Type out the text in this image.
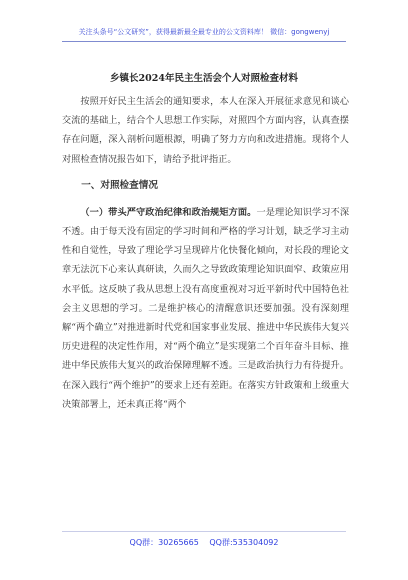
关注头条号“公文研究”，获得最新最全最专业的公文资料库！ 微信：gongwenyj
乡镇长2024年民主生活会个人对照检查材料

按照开好民主生活会的通知要求，本人在深入开展征求意见和谈心交流的基础上，结合个人思想工作实际，对照四个方面内容，认真查摆存在问题，深入剖析问题根源，明确了努力方向和改进措施。现将个人对照检查情况报告如下，请给予批评指正。

一、对照检查情况

（一）带头严守政治纪律和政治规矩方面。一是理论知识学习不深不透。由于每天没有固定的学习时间和严格的学习计划，缺乏学习主动性和自觉性，导致了理论学习呈现碎片化快餐化倾向，对长段的理论文章无法沉下心来认真研读，久而久之导致政策理论知识面窄、政策应用水平低。这反映了我从思想上没有高度重视对习近平新时代中国特色社会主义思想的学习。二是维护核心的清醒意识还要加强。没有深刻理解“两个确立”对推进新时代党和国家事业发展、推进中华民族伟大复兴历史进程的决定性作用，对“两个确立”是实现第二个百年奋斗目标、推进中华民族伟大复兴的政治保障理解不透。三是政治执行力有待提升。在深入践行“两个维护”的要求上还有差距。在落实方针政策和上级重大决策部署上，还未真正将“两个

QQ群：30265665 QQ群:535304092
